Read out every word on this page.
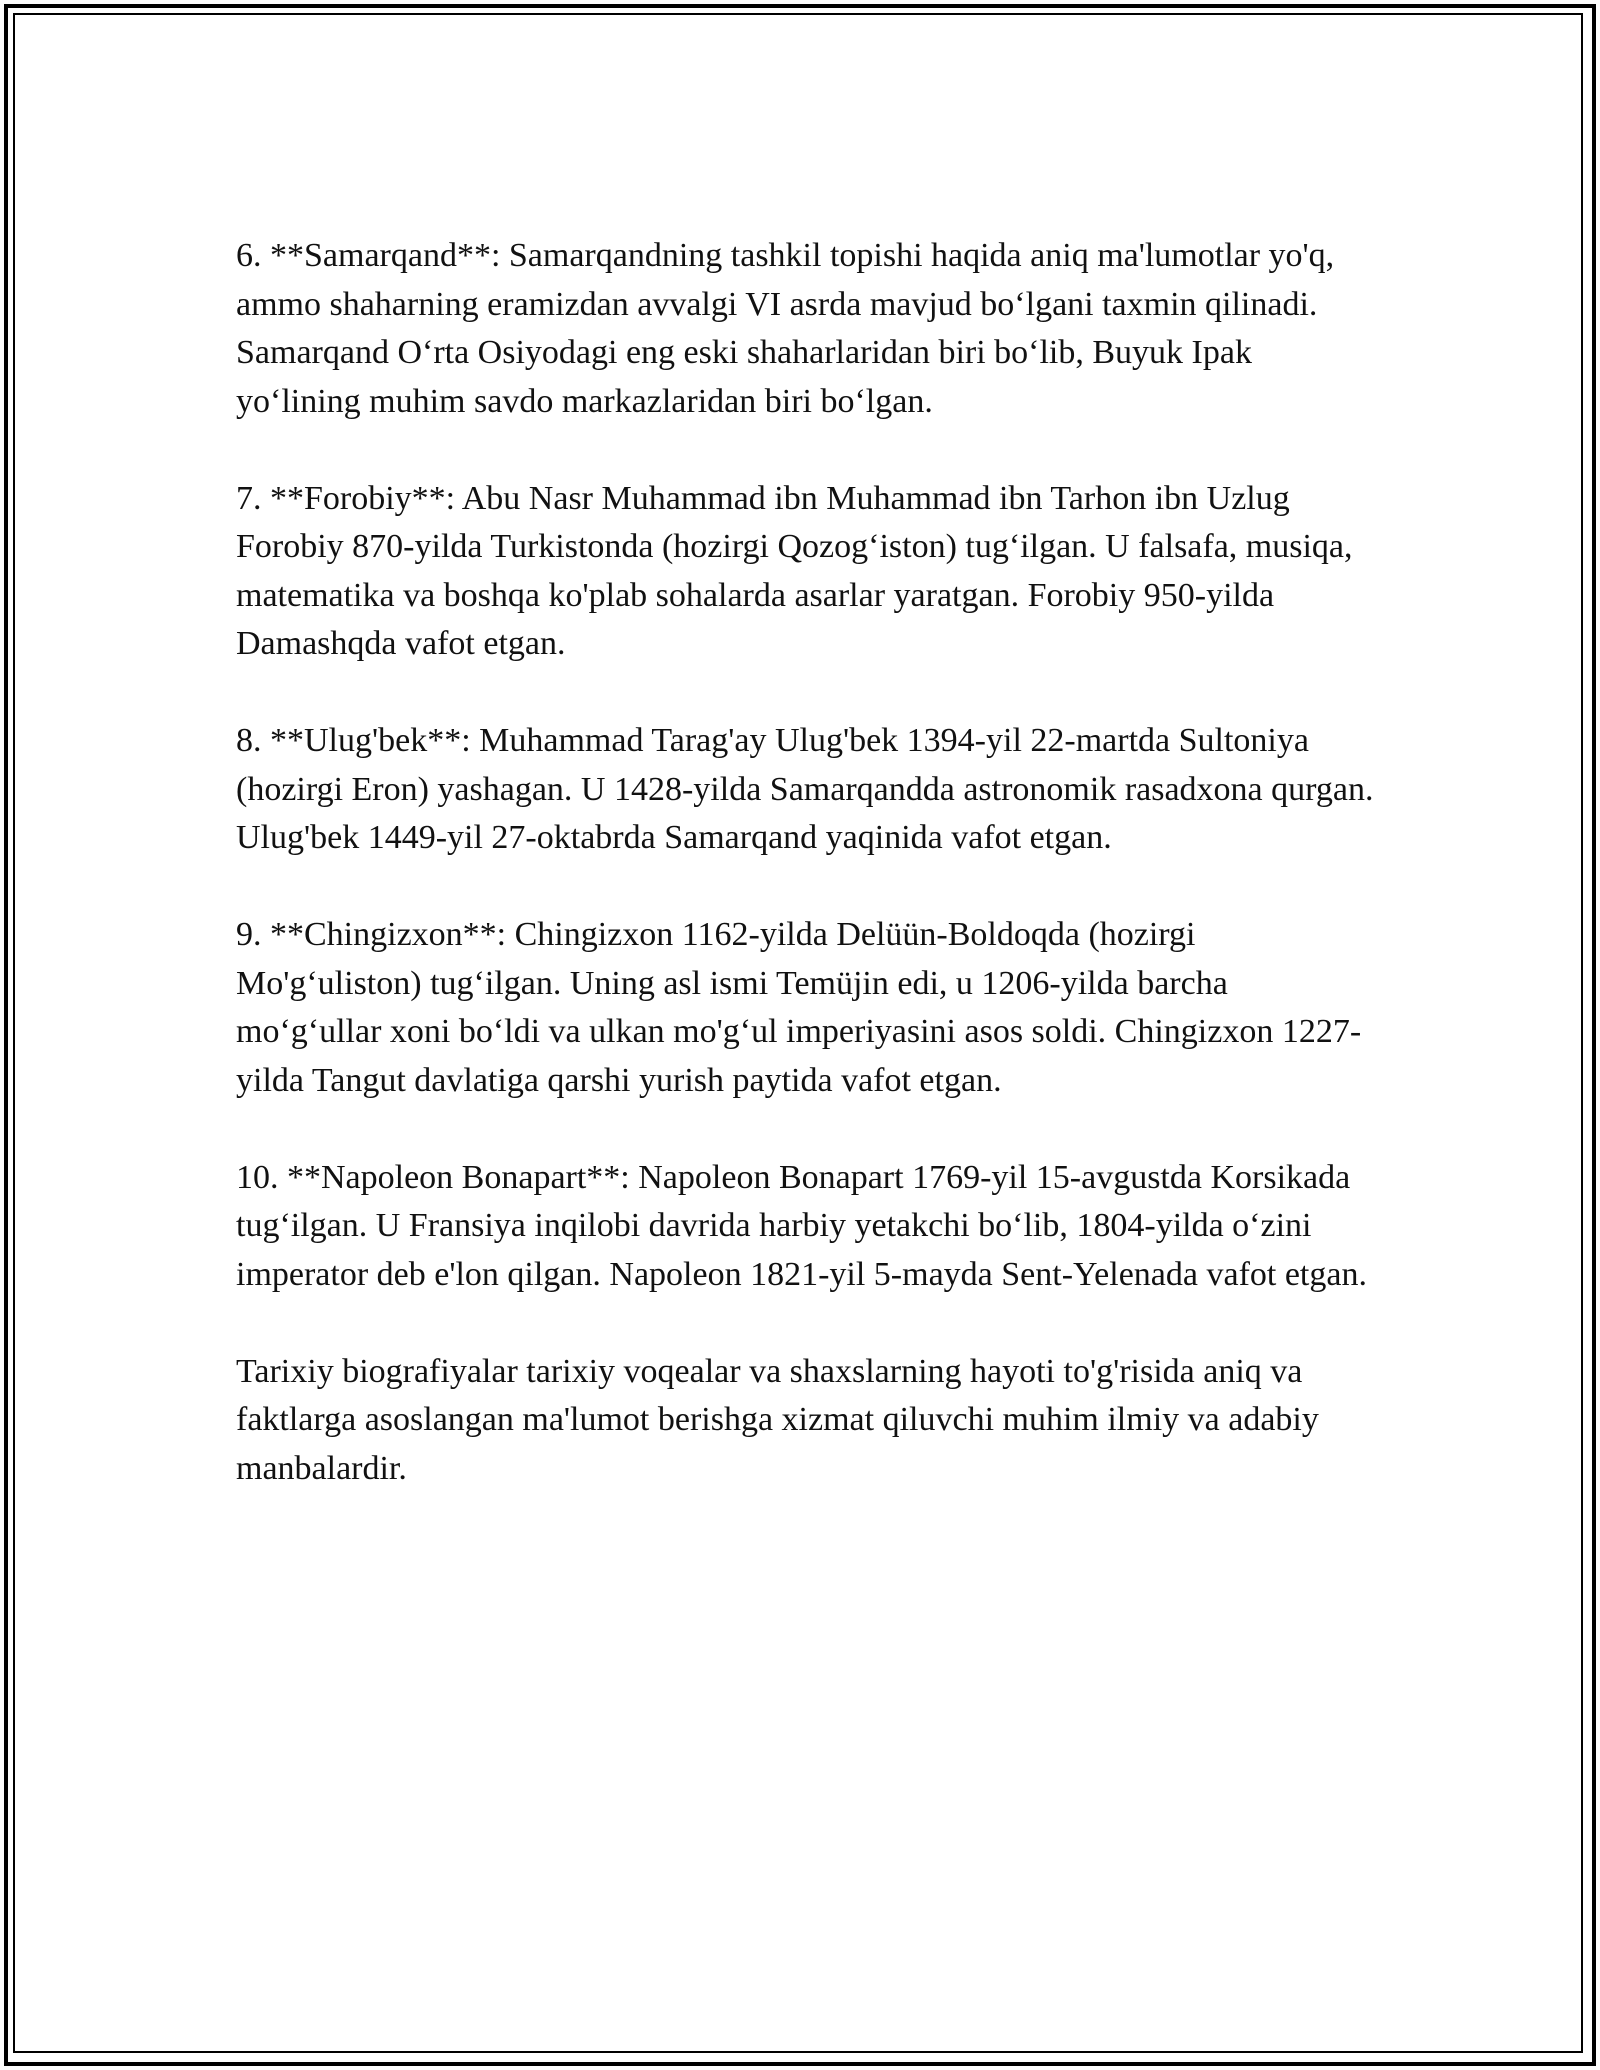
6. **Samarqand**: Samarqandning tashkil topishi haqida aniq ma'lumotlar yo'q, ammo shaharning eramizdan avvalgi VI asrda mavjud boʻlgani taxmin qilinadi. Samarqand Oʻrta Osiyodagi eng eski shaharlaridan biri boʻlib, Buyuk Ipak yoʻlining muhim savdo markazlaridan biri boʻlgan.

7. **Forobiy**: Abu Nasr Muhammad ibn Muhammad ibn Tarhon ibn Uzlug Forobiy 870-yilda Turkistonda (hozirgi Qozogʻiston) tugʻilgan. U falsafa, musiqa, matematika va boshqa ko'plab sohalarda asarlar yaratgan. Forobiy 950-yilda Damashqda vafot etgan.

8. **Ulug'bek**: Muhammad Tarag'ay Ulug'bek 1394-yil 22-martda Sultoniya (hozirgi Eron) yashagan. U 1428-yilda Samarqandda astronomik rasadxona qurgan. Ulug'bek 1449-yil 27-oktabrda Samarqand yaqinida vafot etgan.

9. **Chingizxon**: Chingizxon 1162-yilda Delüün-Boldoqda (hozirgi Mo'gʻuliston) tugʻilgan. Uning asl ismi Temüjin edi, u 1206-yilda barcha moʻgʻullar xoni boʻldi va ulkan mo'gʻul imperiyasini asos soldi. Chingizxon 1227-yilda Tangut davlatiga qarshi yurish paytida vafot etgan.

10. **Napoleon Bonapart**: Napoleon Bonapart 1769-yil 15-avgustda Korsikada tugʻilgan. U Fransiya inqilobi davrida harbiy yetakchi boʻlib, 1804-yilda oʻzini imperator deb e'lon qilgan. Napoleon 1821-yil 5-mayda Sent-Yelenada vafot etgan.

Tarixiy biografiyalar tarixiy voqealar va shaxslarning hayoti to'g'risida aniq va faktlarga asoslangan ma'lumot berishga xizmat qiluvchi muhim ilmiy va adabiy manbalardir.
